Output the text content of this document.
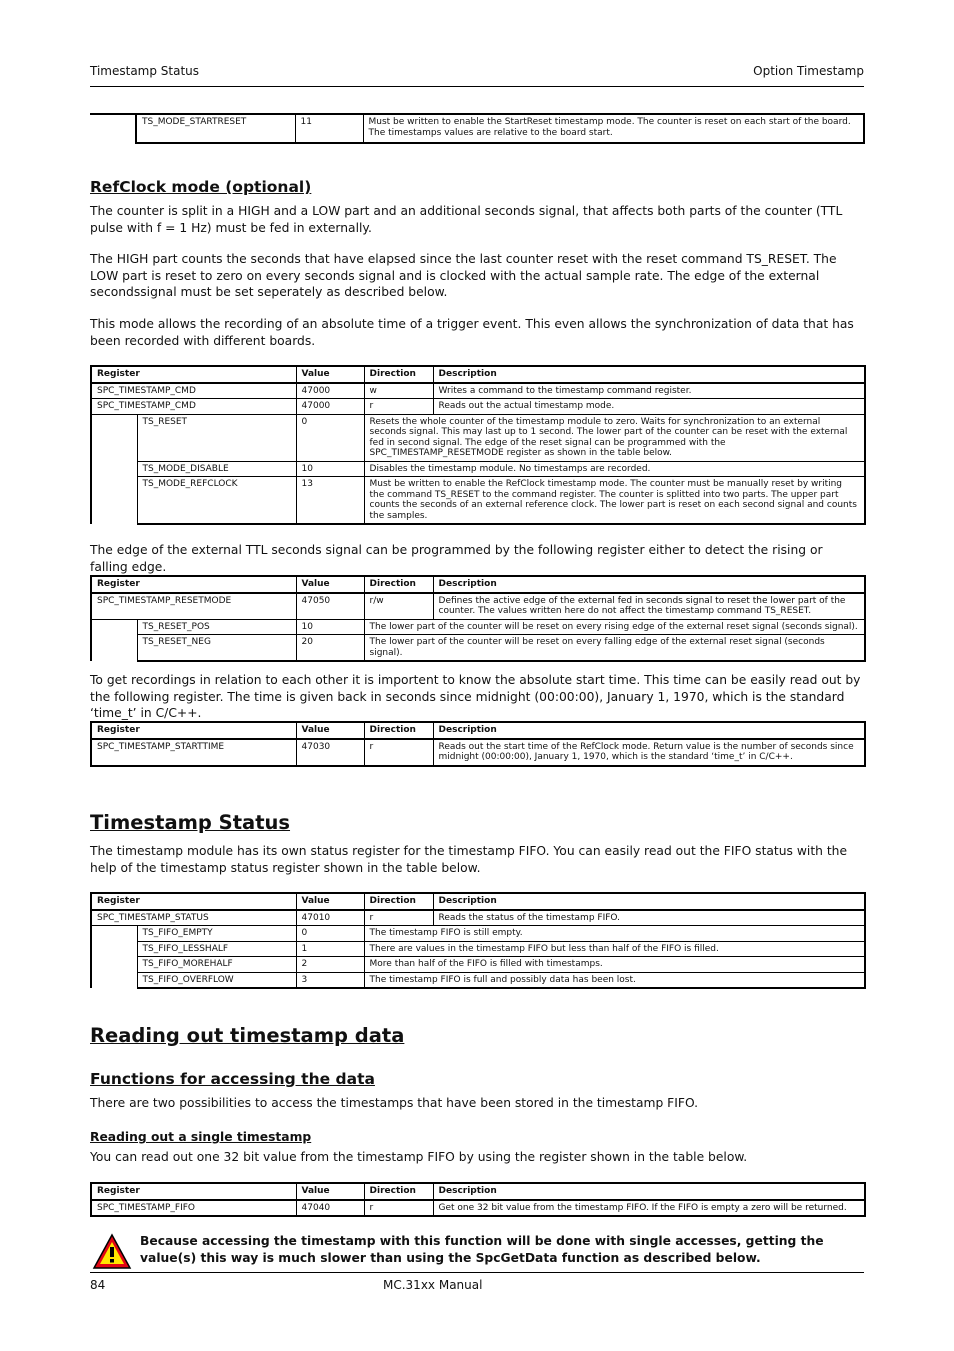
Timestamp Status	Option Timestamp
	TS_MODE_STARTRESET	11	Must be written to enable the StartReset timestamp mode. The counter is reset on each start of the board. The timestamps values are relative to the board start.
RefClock mode (optional)

The counter is split in a HIGH and a LOW part and an additional seconds signal, that affects both parts of the counter (TTL pulse with f = 1 Hz) must be fed in externally.

The HIGH part counts the seconds that have elapsed since the last counter reset with the reset command TS_RESET. The LOW part is reset to zero on every seconds signal and is clocked with the actual sample rate. The edge of the external secondssignal must be set seperately as described below.

This mode allows the recording of an absolute time of a trigger event. This even allows the synchronization of data that has been recorded with different boards.

Register		Value	Direction	Description
SPC_TIMESTAMP_CMD		47000	w	Writes a command to the timestamp command register.
SPC_TIMESTAMP_CMD		47000	r	Reads out the actual timestamp mode.
	TS_RESET	0	Resets the whole counter of the timestamp module to zero. Waits for synchronization to an external seconds signal. This may last up to 1 second. The lower part of the counter can be reset with the external fed in second signal. The edge of the reset signal can be programmed with the SPC_TIMESTAMP_RESETMODE register as shown in the table below.	
	TS_MODE_DISABLE	10	Disables the timestamp module. No timestamps are recorded.	
	TS_MODE_REFCLOCK	13	Must be written to enable the RefClock timestamp mode. The counter must be manually reset by writing the command TS_RESET to the command register. The counter is splitted into two parts. The upper part counts the seconds of an external reference clock. The lower part is reset on each second signal and counts the samples.	

The edge of the external TTL seconds signal can be programmed by the following register either to detect the rising or falling edge.

Register		Value	Direction	Description
SPC_TIMESTAMP_RESETMODE		47050	r/w	Defines the active edge of the external fed in seconds signal to reset the lower part of the counter. The values written here do not affect the timestamp command TS_RESET.
	TS_RESET_POS	10	The lower part of the counter will be reset on every rising edge of the external reset signal (seconds signal).	
	TS_RESET_NEG	20	The lower part of the counter will be reset on every falling edge of the external reset signal (seconds signal).	

To get recordings in relation to each other it is importent to know the absolute start time. This time can be easily read out by the following register. The time is given back in seconds since midnight (00:00:00), January 1, 1970, which is the standard ‘time_t’ in C/C++.

Register	Value	Direction	Description
SPC_TIMESTAMP_STARTTIME	47030	r	Reads out the start time of the RefClock mode. Return value is the number of seconds since midnight (00:00:00), January 1, 1970, which is the standard ‘time_t’ in C/C++.
Timestamp Status

The timestamp module has its own status register for the timestamp FIFO. You can easily read out the FIFO status with the help of the timestamp status register shown in the table below.

Register		Value	Direction	Description
SPC_TIMESTAMP_STATUS		47010	r	Reads the status of the timestamp FIFO.
	TS_FIFO_EMPTY	0	The timestamp FIFO is still empty.	
	TS_FIFO_LESSHALF	1	There are values in the timestamp FIFO but less than half of the FIFO is filled.	
	TS_FIFO_MOREHALF	2	More than half of the FIFO is filled with timestamps.	
	TS_FIFO_OVERFLOW	3	The timestamp FIFO is full and possibly data has been lost.	
Reading out timestamp data
Functions for accessing the data

There are two possibilities to access the timestamps that have been stored in the timestamp FIFO.

Reading out a single timestamp

You can read out one 32 bit value from the timestamp FIFO by using the register shown in the table below.

Register	Value	Direction	Description
SPC_TIMESTAMP_FIFO	47040	r	Get one 32 bit value from the timestamp FIFO. If the FIFO is empty a zero will be returned.
Because accessing the timestamp with this function will be done with single accesses, getting the value(s) this way is much slower than using the SpcGetData function as described below.
84	MC.31xx Manual
